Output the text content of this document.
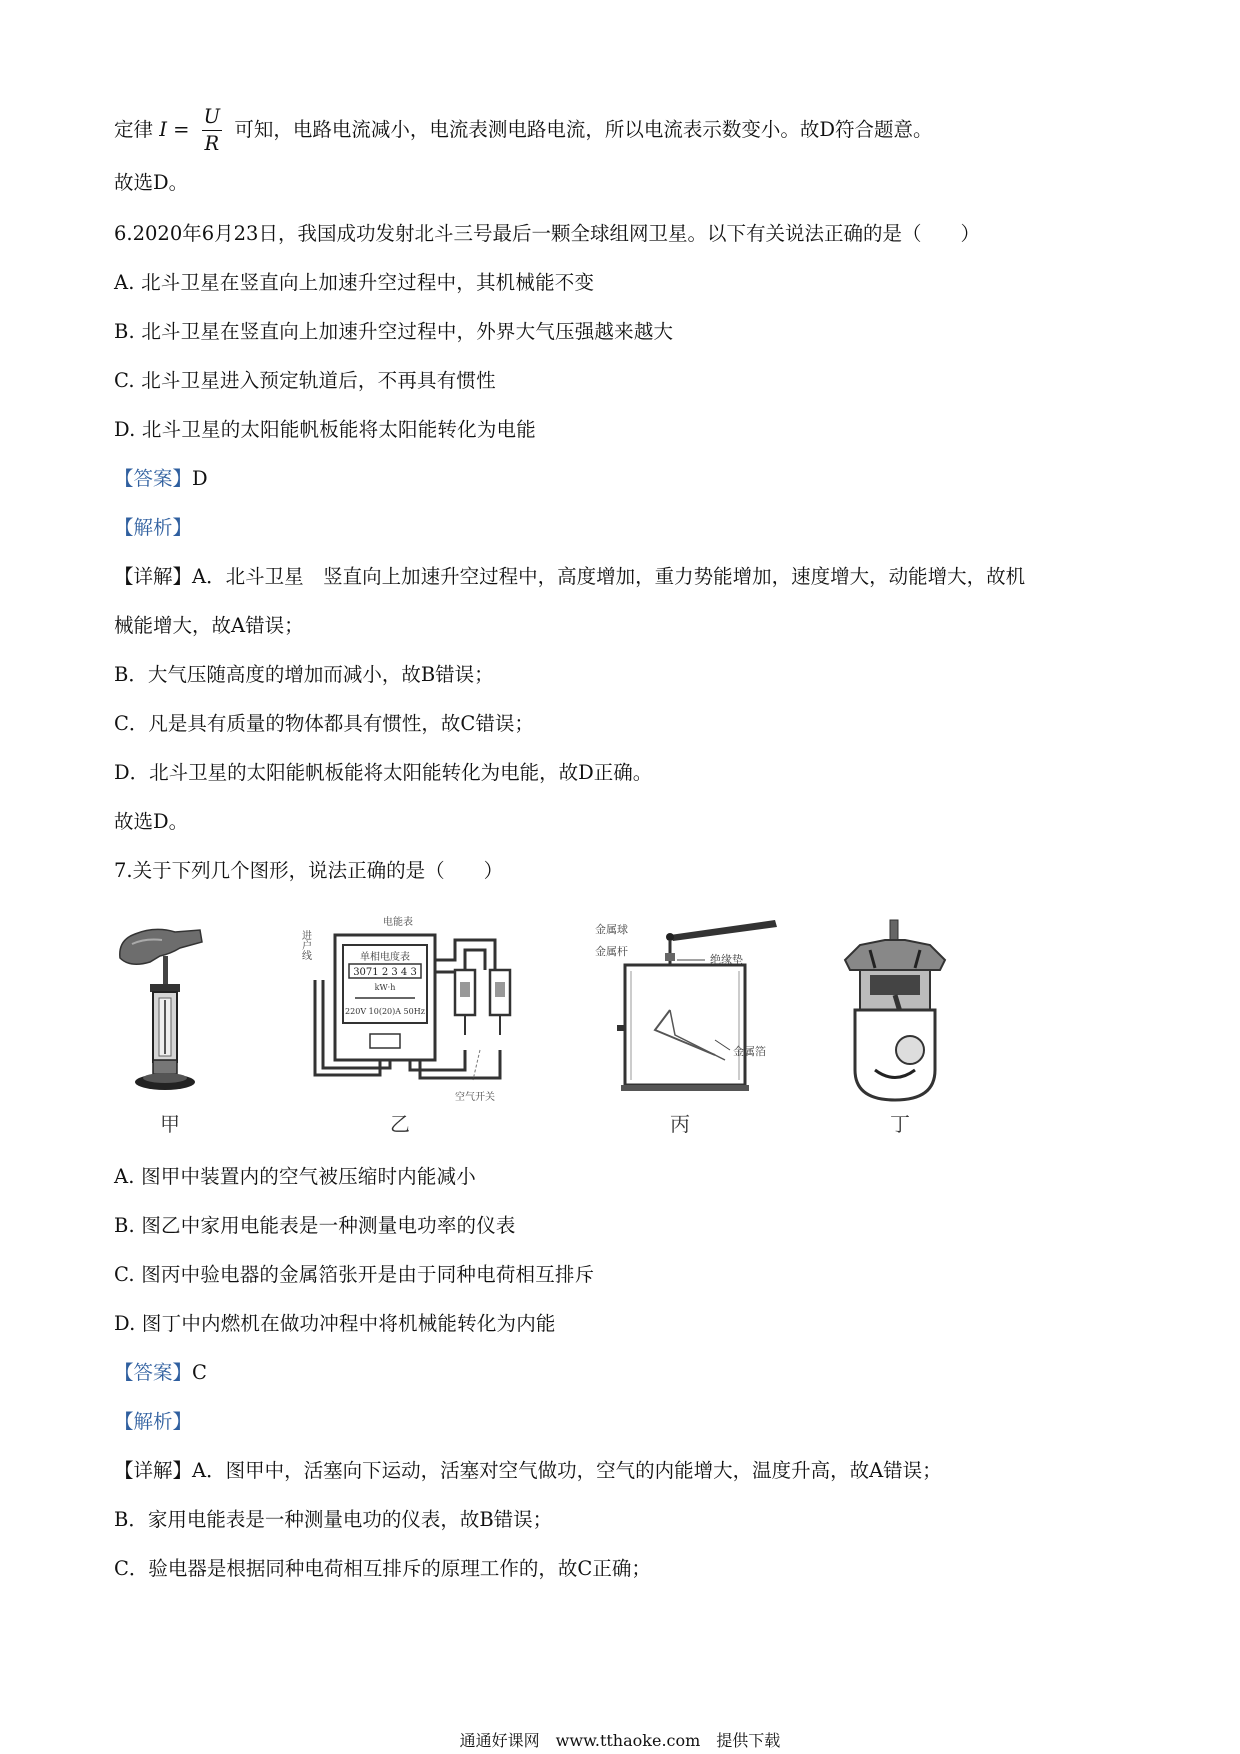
定律 $I = \frac{U}{R}$ 可知，电路电流减小，电流表测电路电流，所以电流表示数变小。故D符合题意。
故选D。
6.2020年6月23日，我国成功发射北斗三号最后一颗全球组网卫星。以下有关说法正确的是（　　）
A. 北斗卫星在竖直向上加速升空过程中，其机械能不变
B. 北斗卫星在竖直向上加速升空过程中，外界大气压强越来越大
C. 北斗卫星进入预定轨道后，不再具有惯性
D. 北斗卫星的太阳能帆板能将太阳能转化为电能
【答案】D
【解析】
【详解】A．北斗卫星　竖直向上加速升空过程中，高度增加，重力势能增加，速度增大，动能增大，故机
械能增大，故A错误；
B．大气压随高度的增加而减小，故B错误；
C．凡是具有质量的物体都具有惯性，故C错误；
D．北斗卫星的太阳能帆板能将太阳能转化为电能，故D正确。
故选D。
7.关于下列几个图形，说法正确的是（　　）
甲
单相电度表
3071 2 3 4 3
kW·h
220V 10(20)A 50Hz
进户线
电能表
空气开关
乙
金属球
金属杆
绝缘垫
金属箔
丙	丁
A. 图甲中装置内的空气被压缩时内能减小
B. 图乙中家用电能表是一种测量电功率的仪表
C. 图丙中验电器的金属箔张开是由于同种电荷相互排斥
D. 图丁中内燃机在做功冲程中将机械能转化为内能
【答案】C
【解析】
【详解】A．图甲中，活塞向下运动，活塞对空气做功，空气的内能增大，温度升高，故A错误；
B．家用电能表是一种测量电功的仪表，故B错误；
C．验电器是根据同种电荷相互排斥的原理工作的，故C正确；
通通好课网　www.tthaoke.com　提供下载
